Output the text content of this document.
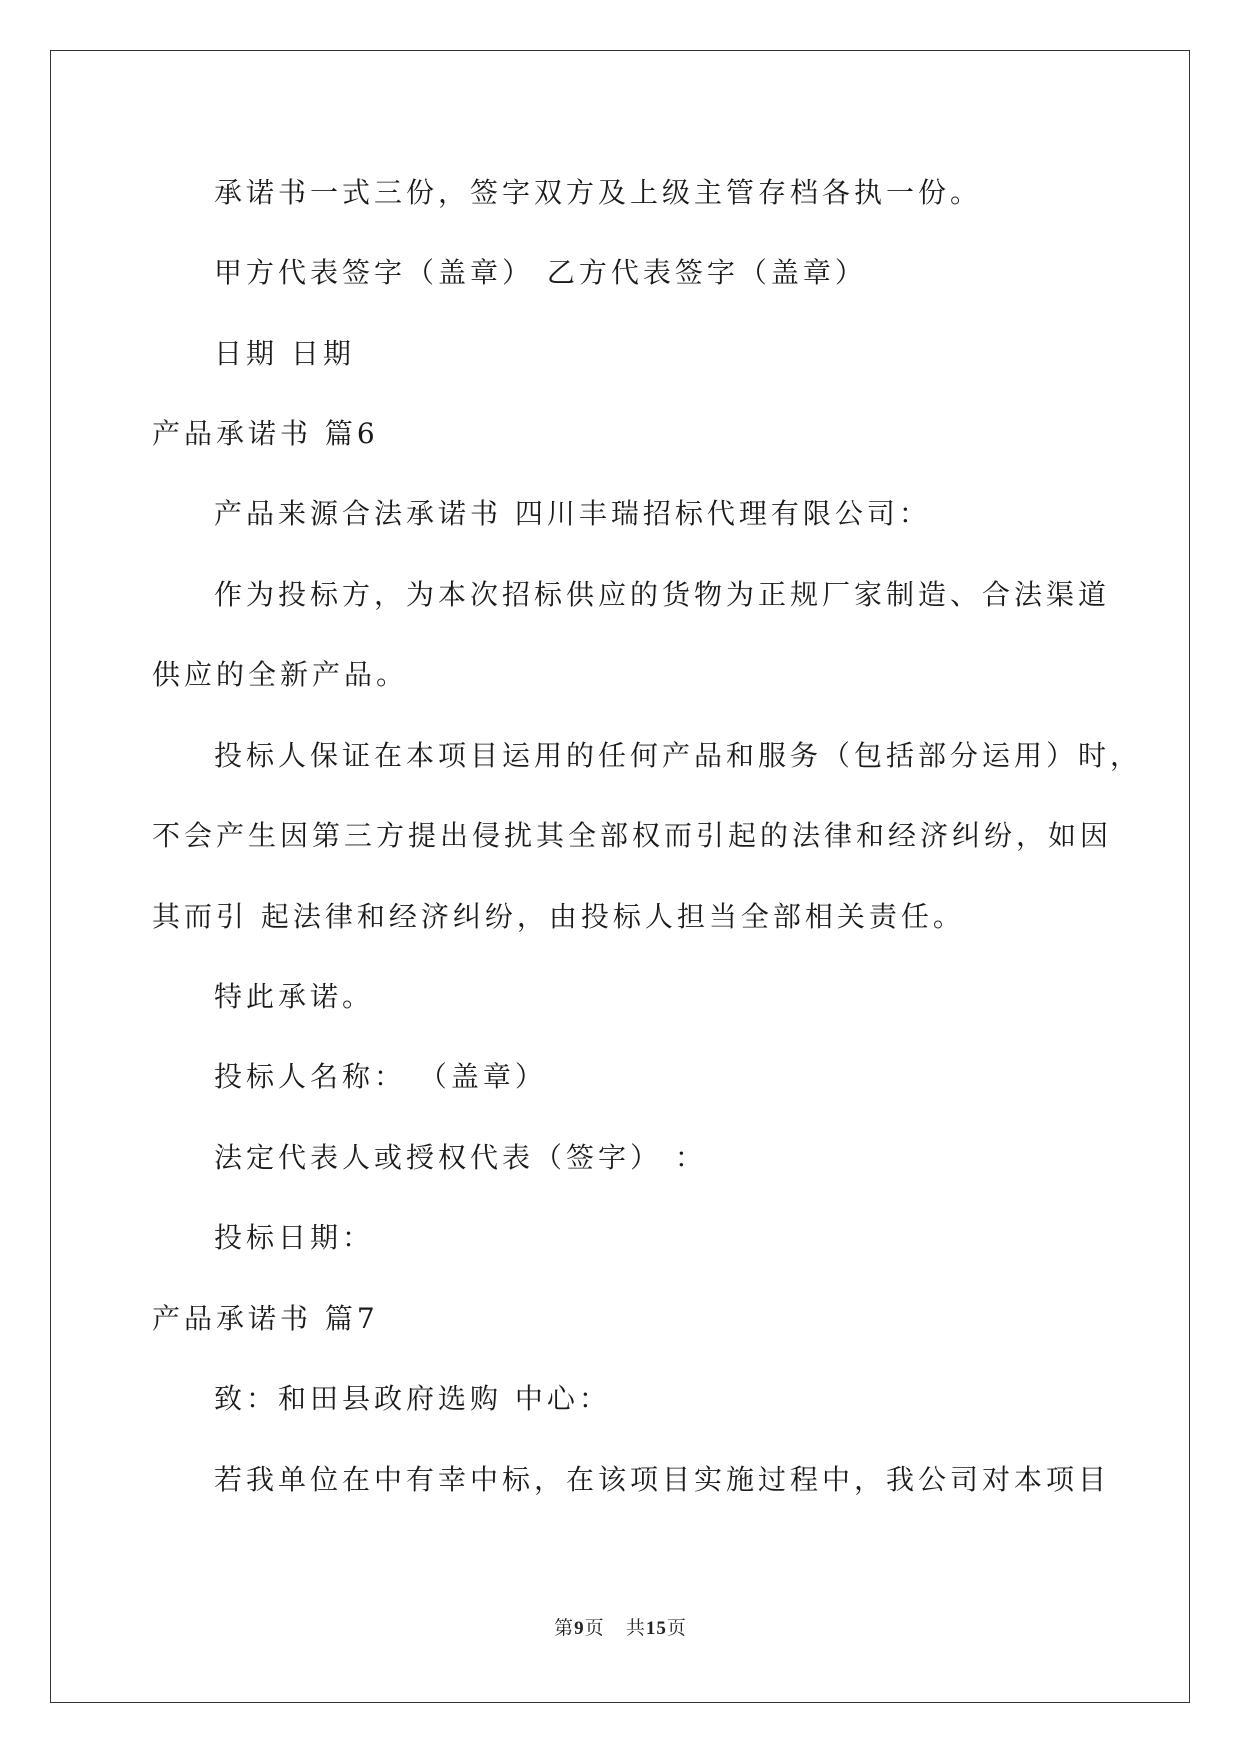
承诺书一式三份，签字双方及上级主管存档各执一份。
甲方代表签字（盖章） 乙方代表签字（盖章）
日期 日期
产品承诺书 篇6
产品来源合法承诺书 四川丰瑞招标代理有限公司：
作为投标方，为本次招标供应的货物为正规厂家制造、合法渠道
供应的全新产品。
投标人保证在本项目运用的任何产品和服务（包括部分运用）时，
不会产生因第三方提出侵扰其全部权而引起的法律和经济纠纷，如因
其而引 起法律和经济纠纷，由投标人担当全部相关责任。
特此承诺。
投标人名称： （盖章）
法定代表人或授权代表（签字） ：
投标日期：
产品承诺书 篇7
致：和田县政府选购 中心：
若我单位在中有幸中标，在该项目实施过程中，我公司对本项目
第9页 共15页
